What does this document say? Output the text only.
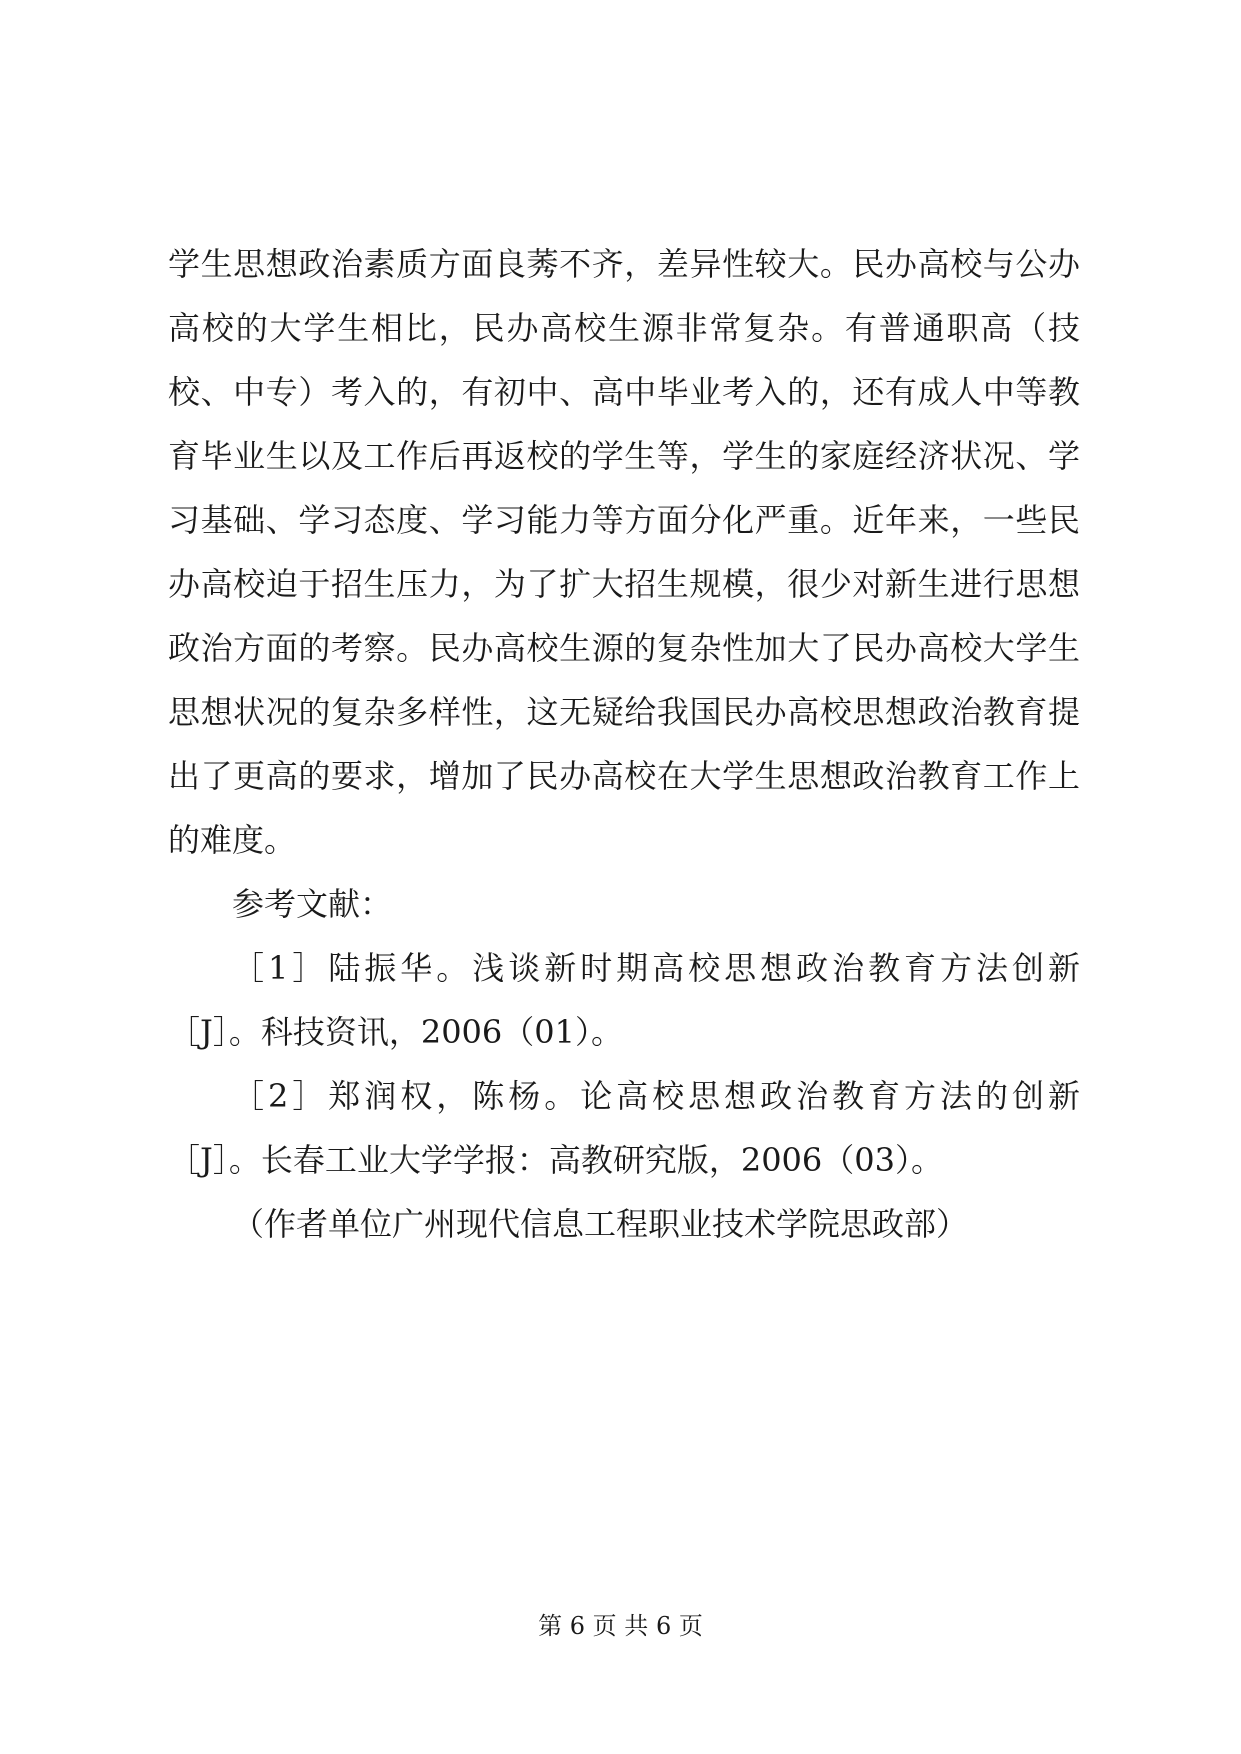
学生思想政治素质方面良莠不齐，差异性较大。民办高校与公办高校的大学生相比，民办高校生源非常复杂。有普通职高（技校、中专）考入的，有初中、高中毕业考入的，还有成人中等教育毕业生以及工作后再返校的学生等，学生的家庭经济状况、学习基础、学习态度、学习能力等方面分化严重。近年来，一些民办高校迫于招生压力，为了扩大招生规模，很少对新生进行思想政治方面的考察。民办高校生源的复杂性加大了民办高校大学生思想状况的复杂多样性，这无疑给我国民办高校思想政治教育提出了更高的要求，增加了民办高校在大学生思想政治教育工作上的难度。

参考文献：

［1］陆振华。浅谈新时期高校思想政治教育方法创新［J］。科技资讯，2006（01）。

［2］郑润权，陈杨。论高校思想政治教育方法的创新［J］。长春工业大学学报：高教研究版，2006（03）。

（作者单位广州现代信息工程职业技术学院思政部）

第 6 页 共 6 页
